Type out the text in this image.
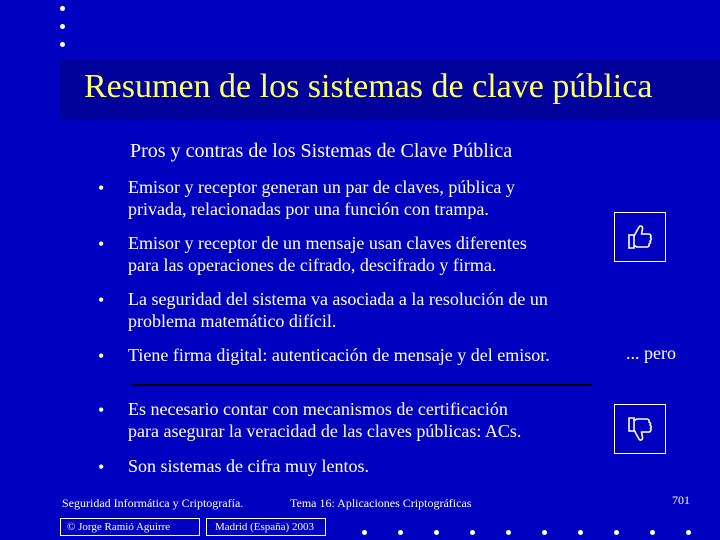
Resumen de los sistemas de clave pública
Pros y contras de los Sistemas de Clave Pública
• Emisor y receptor generan un par de claves, pública y
privada, relacionadas por una función con trampa.
• Emisor y receptor de un mensaje usan claves diferentes
para las operaciones de cifrado, descifrado y firma.
• La seguridad del sistema va asociada a la resolución de un
problema matemático difícil.
• Tiene firma digital: autenticación de mensaje y del emisor.
• Es necesario contar con mecanismos de certificación
para asegurar la veracidad de las claves públicas: ACs.
• Son sistemas de cifra muy lentos.
... pero
Seguridad Informática y Criptografía.	Tema 16: Aplicaciones Criptográficas	701
© Jorge Ramió Aguirre	Madrid (España) 2003
